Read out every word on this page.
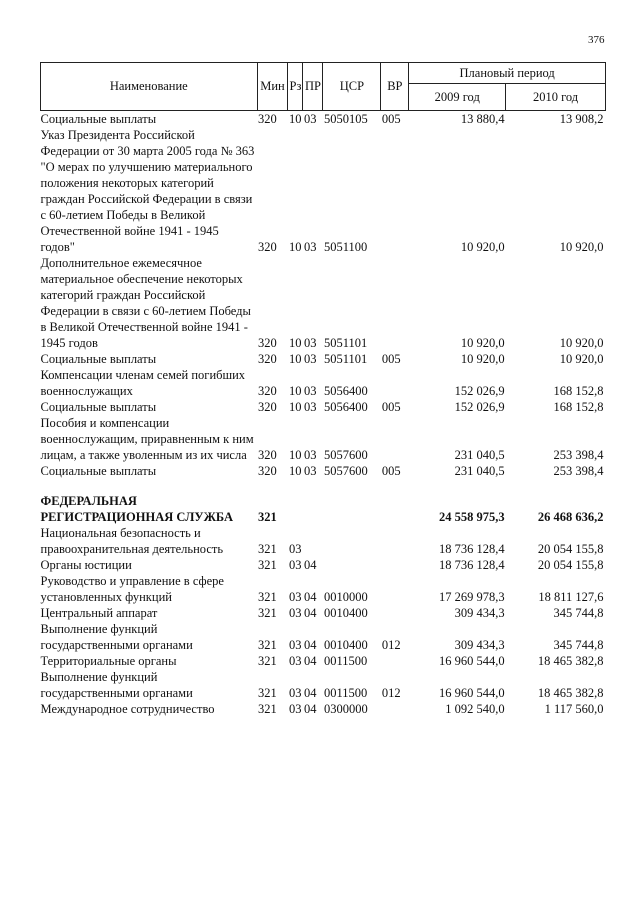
376
Наименование	Мин	Рз	ПР	ЦСР	ВР	Плановый период	
						2009 год	2010 год
Социальные выплаты	320	10	03	5050105	005	13 880,4	13 908,2
Указ Президента Российской Федерации от 30 марта 2005 года № 363 "О мерах по улучшению материального положения некоторых категорий граждан Российской Федерации в связи с 60-летием Победы в Великой Отечественной войне 1941 - 1945 годов"	320	10	03	5051100		10 920,0	10 920,0
Дополнительное ежемесячное материальное обеспечение некоторых категорий граждан Российской Федерации в связи с 60-летием Победы в Великой Отечественной войне 1941 - 1945 годов	320	10	03	5051101		10 920,0	10 920,0
Социальные выплаты	320	10	03	5051101	005	10 920,0	10 920,0
Компенсации членам семей погибших военнослужащих	320	10	03	5056400		152 026,9	168 152,8
Социальные выплаты	320	10	03	5056400	005	152 026,9	168 152,8
Пособия и компенсации военнослужащим, приравненным к ним лицам, а также уволенным из их числа	320	10	03	5057600		231 040,5	253 398,4
Социальные выплаты	320	10	03	5057600	005	231 040,5	253 398,4

ФЕДЕРАЛЬНАЯ РЕГИСТРАЦИОННАЯ СЛУЖБА	321					24 558 975,3	26 468 636,2
Национальная безопасность и правоохранительная деятельность	321	03				18 736 128,4	20 054 155,8
Органы юстиции	321	03	04			18 736 128,4	20 054 155,8
Руководство и управление в сфере установленных функций	321	03	04	0010000		17 269 978,3	18 811 127,6
Центральный аппарат	321	03	04	0010400		309 434,3	345 744,8
Выполнение функций государственными органами	321	03	04	0010400	012	309 434,3	345 744,8
Территориальные органы	321	03	04	0011500		16 960 544,0	18 465 382,8
Выполнение функций государственными органами	321	03	04	0011500	012	16 960 544,0	18 465 382,8
Международное сотрудничество	321	03	04	0300000		1 092 540,0	1 117 560,0
